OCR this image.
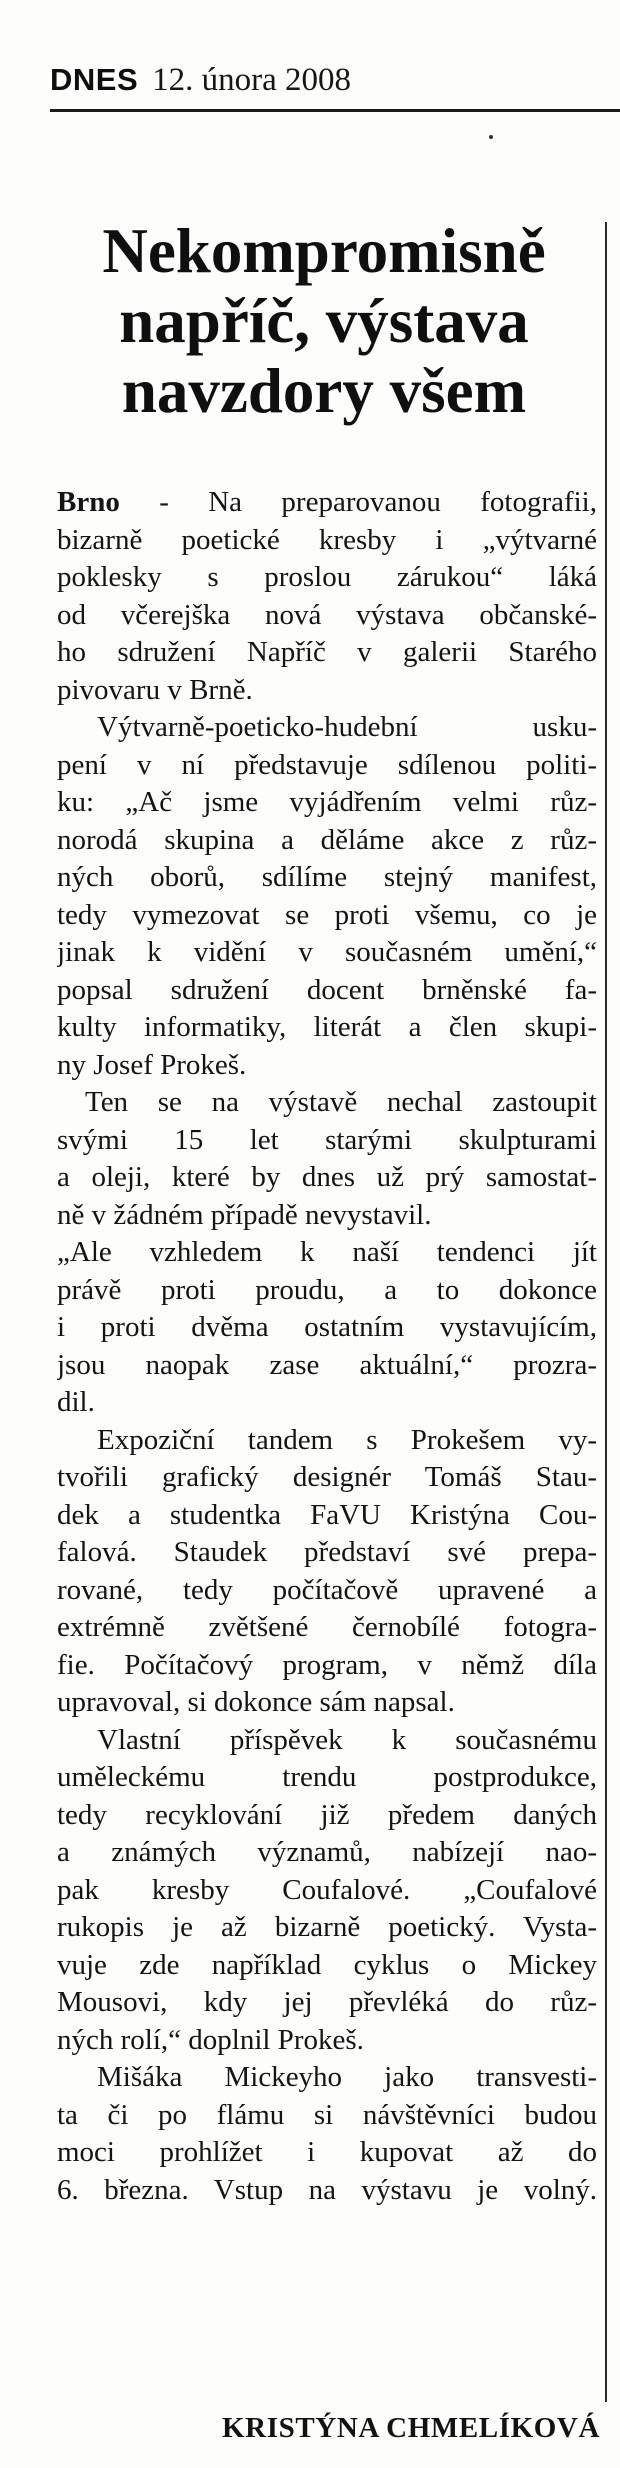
DNES 12. února 2008
Nekompromisně
napříč, výstava
navzdory všem
Brno - Na preparovanou fotografii,
bizarně poetické kresby i „výtvarné
poklesky s proslou zárukou“ láká
od včerejška nová výstava občanské-
ho sdružení Napříč v galerii Starého
pivovaru v Brně.
Výtvarně-poeticko-hudební usku-
pení v ní představuje sdílenou politi-
ku: „Ač jsme vyjádřením velmi růz-
norodá skupina a děláme akce z růz-
ných oborů, sdílíme stejný manifest,
tedy vymezovat se proti všemu, co je
jinak k vidění v současném umění,“
popsal sdružení docent brněnské fa-
kulty informatiky, literát a člen skupi-
ny Josef Prokeš.
Ten se na výstavě nechal zastoupit
svými 15 let starými skulpturami
a oleji, které by dnes už prý samostat-
ně v žádném případě nevystavil.
„Ale vzhledem k naší tendenci jít
právě proti proudu, a to dokonce
i proti dvěma ostatním vystavujícím,
jsou naopak zase aktuální,“ prozra-
dil.
Expoziční tandem s Prokešem vy-
tvořili grafický designér Tomáš Stau-
dek a studentka FaVU Kristýna Cou-
falová. Staudek představí své prepa-
rované, tedy počítačově upravené a
extrémně zvětšené černobílé fotogra-
fie. Počítačový program, v němž díla
upravoval, si dokonce sám napsal.
Vlastní příspěvek k současnému
uměleckému trendu postprodukce,
tedy recyklování již předem daných
a známých významů, nabízejí nao-
pak kresby Coufalové. „Coufalové
rukopis je až bizarně poetický. Vysta-
vuje zde například cyklus o Mickey
Mousovi, kdy jej převléká do růz-
ných rolí,“ doplnil Prokeš.
Mišáka Mickeyho jako transvesti-
ta či po flámu si návštěvníci budou
moci prohlížet i kupovat až do
6. března. Vstup na výstavu je volný.
KRISTÝNA CHMELÍKOVÁ
